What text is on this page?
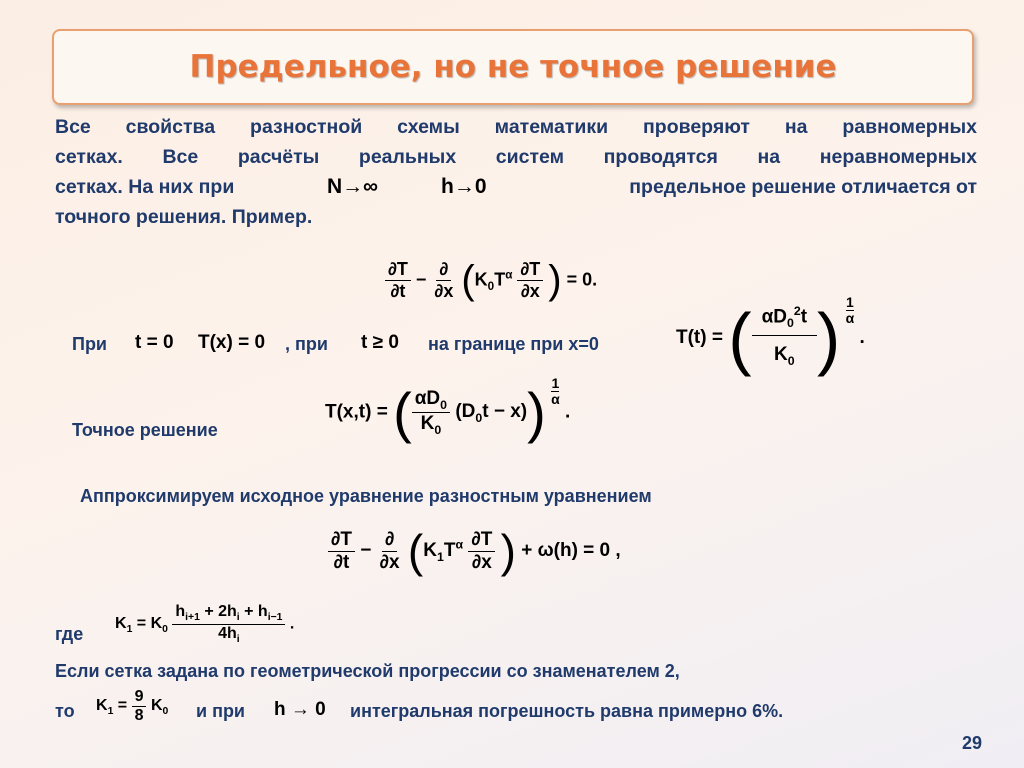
Предельное, но не точное решение
Все свойства разностной схемы математики проверяют на равномерных
сетках. Все расчёты реальных систем проводятся на неравномерных
сетках. На них при	N→∞	h→0	предельное решение отличается от
точного решения. Пример.
$\frac{\partial T}{\partial t} - \frac{\partial}{\partial x} (K_0T^\alpha \frac{\partial T}{\partial x}$ ) = 0.
При t = 0 T(x) = 0 , при t ≥ 0 на границе при x=0	T(t) = ( $\frac{\alpha D_0^2t}{K_0}$ ) $\frac{1}{\alpha}$
.
Точное решение
T(x,t) = ( $\frac{\alpha D_0}{K_0} (D_0t - x)) \frac{1}{\alpha}$
.
Аппроксимируем исходное уравнение разностным уравнением
$\frac{\partial T}{\partial t} - \frac{\partial}{\partial x} (K_1T^\alpha \frac{\partial T}{\partial x}$ ) + ω(h) = 0 ,
где
$K_1 = K_0 \frac{h_{i+1} + 2h_i + h_{i-1}}{4h_i}$ .
Если сетка задана по геометрической прогрессии со знаменателем 2,
то $K_1 = \frac{9}{8} K_0$ и при h → 0 интегральная погрешность равна примерно 6%.
29
